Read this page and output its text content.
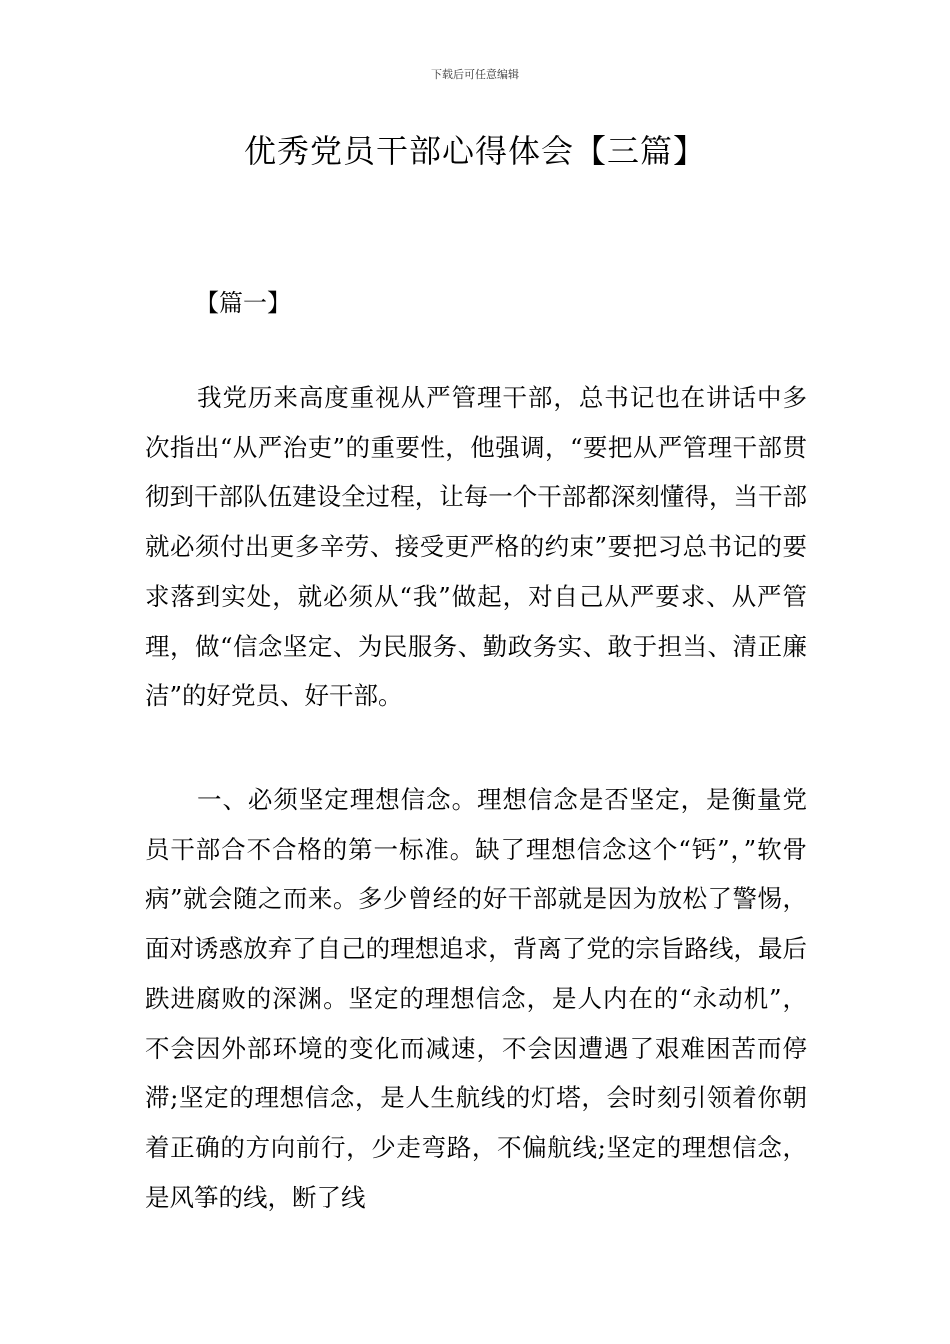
下载后可任意编辑
优秀党员干部心得体会【三篇】
【篇一】

我党历来高度重视从严管理干部，总书记也在讲话中多次指出“从严治吏”的重要性，他强调，“要把从严管理干部贯彻到干部队伍建设全过程，让每一个干部都深刻懂得，当干部就必须付出更多辛劳、接受更严格的约束”要把习总书记的要求落到实处，就必须从“我”做起，对自己从严要求、从严管理，做“信念坚定、为民服务、勤政务实、敢于担当、清正廉洁”的好党员、好干部。

一、必须坚定理想信念。理想信念是否坚定，是衡量党员干部合不合格的第一标准。缺了理想信念这个“钙”，”软骨病”就会随之而来。多少曾经的好干部就是因为放松了警惕，面对诱惑放弃了自己的理想追求，背离了党的宗旨路线，最后跌进腐败的深渊。坚定的理想信念，是人内在的“永动机”，不会因外部环境的变化而减速，不会因遭遇了艰难困苦而停滞;坚定的理想信念，是人生航线的灯塔，会时刻引领着你朝着正确的方向前行，少走弯路，不偏航线;坚定的理想信念，是风筝的线，断了线
